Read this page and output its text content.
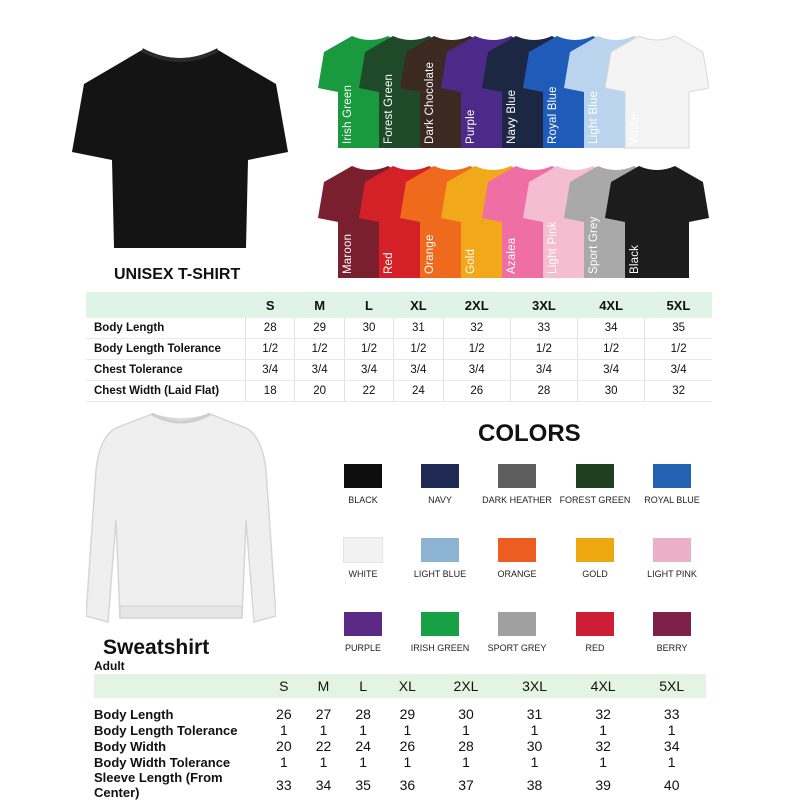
UNISEX T-SHIRT
Irish Green	Forest Green	Dark Chocolate	Purple	Navy Blue	Royal Blue	Light Blue	White
Maroon	Red	Orange	Gold	Azalea	Light Pink	Sport Grey	Black
	S	M	L	XL	2XL	3XL	4XL	5XL
Body Length	28	29	30	31	32	33	34	35
Body Length Tolerance	1/2	1/2	1/2	1/2	1/2	1/2	1/2	1/2
Chest Tolerance	3/4	3/4	3/4	3/4	3/4	3/4	3/4	3/4
Chest Width (Laid Flat)	18	20	22	24	26	28	30	32
COLORS
BLACK	NAVY	DARK HEATHER FOREST GREEN	ROYAL BLUE
WHITE	LIGHT BLUE	ORANGE	GOLD	LIGHT PINK
PURPLE	IRISH GREEN	SPORT GREY	RED	BERRY
Sweatshirt
Adult
	S	M	L	XL	2XL	3XL	4XL	5XL

Body Length	26	27	28	29	30	31	32	33
Body Length Tolerance	1	1	1	1	1	1	1	1
Body Width	20	22	24	26	28	30	32	34
Body Width Tolerance	1	1	1	1	1	1	1	1
Sleeve Length (From Center)	33	34	35	36	37	38	39	40
